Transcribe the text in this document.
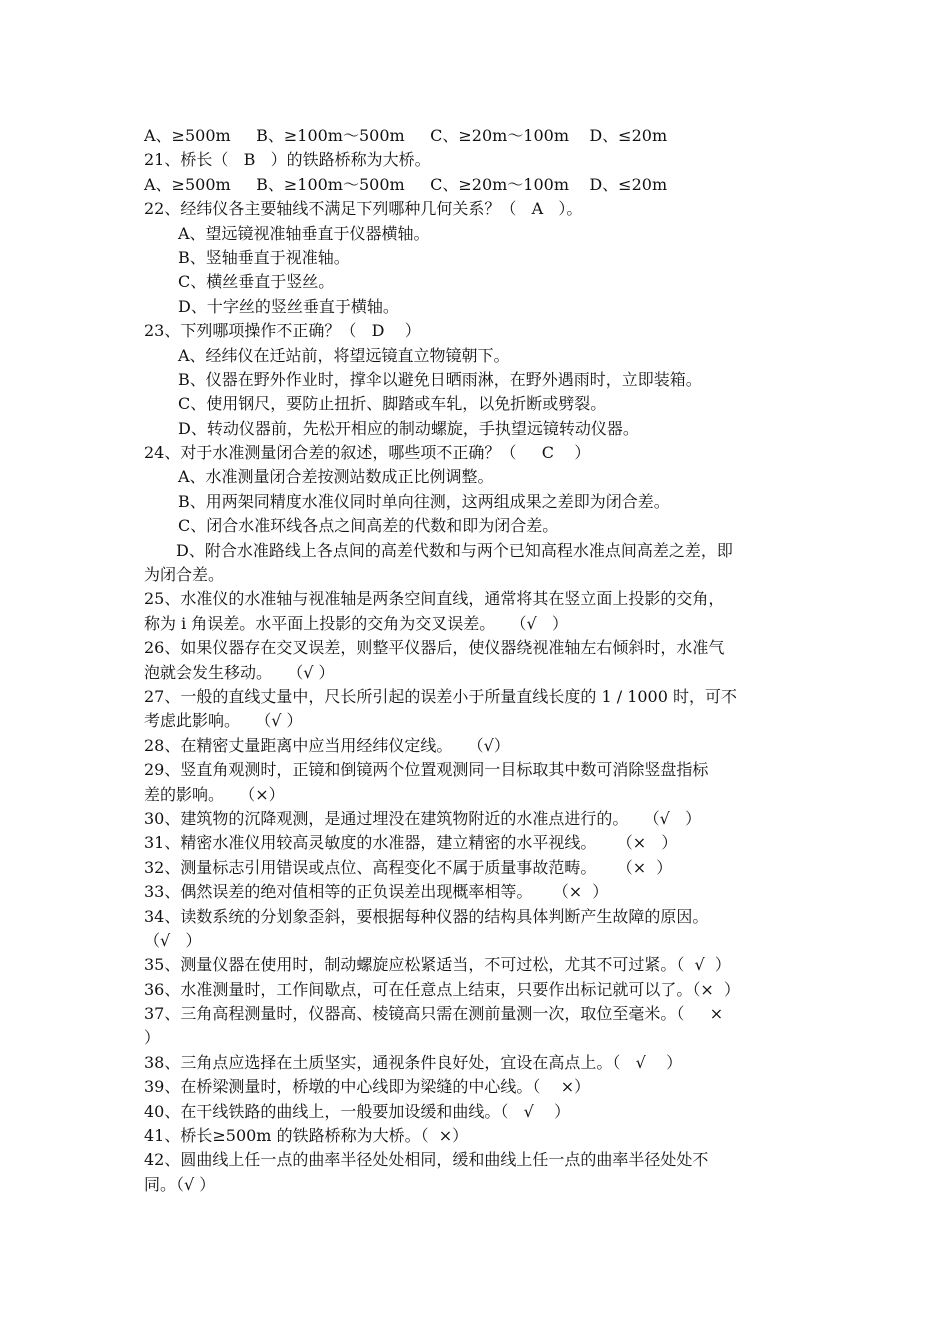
A、≥500m     B、≥100m～500m     C、≥20m～100m    D、≤20m
21、桥长（   B   ）的铁路桥称为大桥。
A、≥500m     B、≥100m～500m     C、≥20m～100m    D、≤20m
22、经纬仪各主要轴线不满足下列哪种几何关系？（   A   ）。
A、望远镜视准轴垂直于仪器横轴。
B、竖轴垂直于视准轴。
C、横丝垂直于竖丝。
D、十字丝的竖丝垂直于横轴。
23、下列哪项操作不正确？（   D    ）
A、经纬仪在迁站前，将望远镜直立物镜朝下。
B、仪器在野外作业时，撑伞以避免日晒雨淋，在野外遇雨时，立即装箱。
C、使用钢尺，要防止扭折、脚踏或车轧，以免折断或劈裂。
D、转动仪器前，先松开相应的制动螺旋，手执望远镜转动仪器。
24、对于水准测量闭合差的叙述，哪些项不正确？（     C    ）
A、水准测量闭合差按测站数成正比例调整。
B、用两架同精度水准仪同时单向往测，这两组成果之差即为闭合差。
C、闭合水准环线各点之间高差的代数和即为闭合差。
D、附合水准路线上各点间的高差代数和与两个已知高程水准点间高差之差，即
为闭合差。
25、水准仪的水准轴与视准轴是两条空间直线，通常将其在竖立面上投影的交角，
称为 i 角误差。水平面上投影的交角为交叉误差。   （√   ）
26、如果仪器存在交叉误差，则整平仪器后，使仪器绕视准轴左右倾斜时，水准气
泡就会发生移动。   （√ ）
27、一般的直线丈量中，尺长所引起的误差小于所量直线长度的 1 / 1000 时，可不
考虑此影响。   （√ ）
28、在精密丈量距离中应当用经纬仪定线。   （√）
29、竖直角观测时，正镜和倒镜两个位置观测同一目标取其中数可消除竖盘指标
差的影响。   （×）
30、建筑物的沉降观测，是通过埋没在建筑物附近的水准点进行的。   （√   ）
31、精密水准仪用较高灵敏度的水准器，建立精密的水平视线。    （×   ）
32、测量标志引用错误或点位、高程变化不属于质量事故范畴。    （×  ）
33、偶然误差的绝对值相等的正负误差出现概率相等。    （×  ）
34、读数系统的分划象歪斜，要根据每种仪器的结构具体判断产生故障的原因。
（√   ）
35、测量仪器在使用时，制动螺旋应松紧适当，不可过松，尤其不可过紧。（  √  ）
36、水准测量时，工作间歇点，可在任意点上结束，只要作出标记就可以了。（×  ）
37、三角高程测量时，仪器高、棱镜高只需在测前量测一次，取位至毫米。（     ×
）
38、三角点应选择在土质坚实，通视条件良好处，宜设在高点上。（   √    ）
39、在桥梁测量时，桥墩的中心线即为梁缝的中心线。（    ×）
40、在干线铁路的曲线上，一般要加设缓和曲线。（   √    ）
41、桥长≥500m 的铁路桥称为大桥。（  ×）
42、圆曲线上任一点的曲率半径处处相同，缓和曲线上任一点的曲率半径处处不
同。（√ ）
